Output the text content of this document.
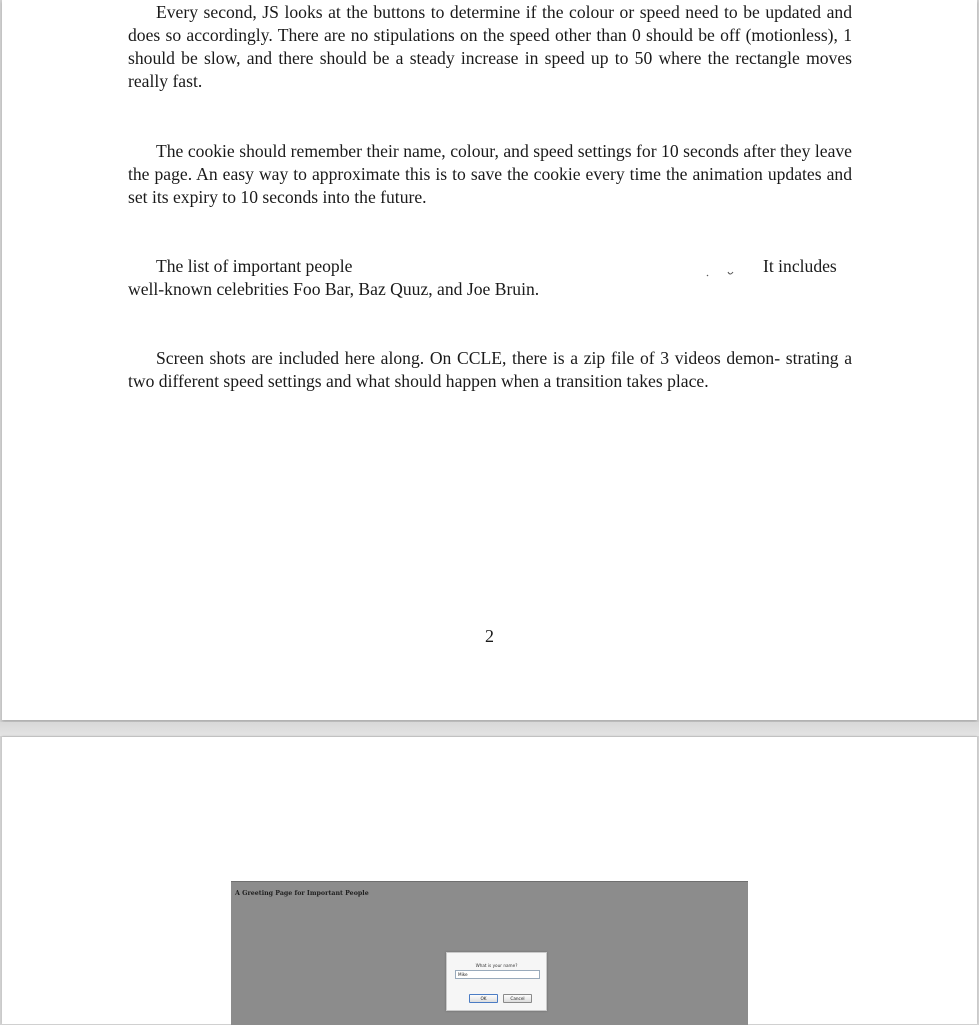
Every second, JS looks at the buttons to determine if the colour or speed need to be updated and does so accordingly. There are no stipulations on the speed other than 0 should be off (motionless), 1 should be slow, and there should be a steady increase in speed up to 50 where the rectangle moves really fast.

The cookie should remember their name, colour, and speed settings for 10 seconds after they leave the page. An easy way to approximate this is to save the cookie every time the animation updates and set its expiry to 10 seconds into the future.

The list of important people	It includes

well-known celebrities Foo Bar, Baz Quuz, and Joe Bruin.

Screen shots are included here along. On CCLE, there is a zip file of 3 videos demon- strating a two different speed settings and what should happen when a transition takes place.

2
A Greeting Page for Important People
What is your name?
Mike
OK	Cancel
